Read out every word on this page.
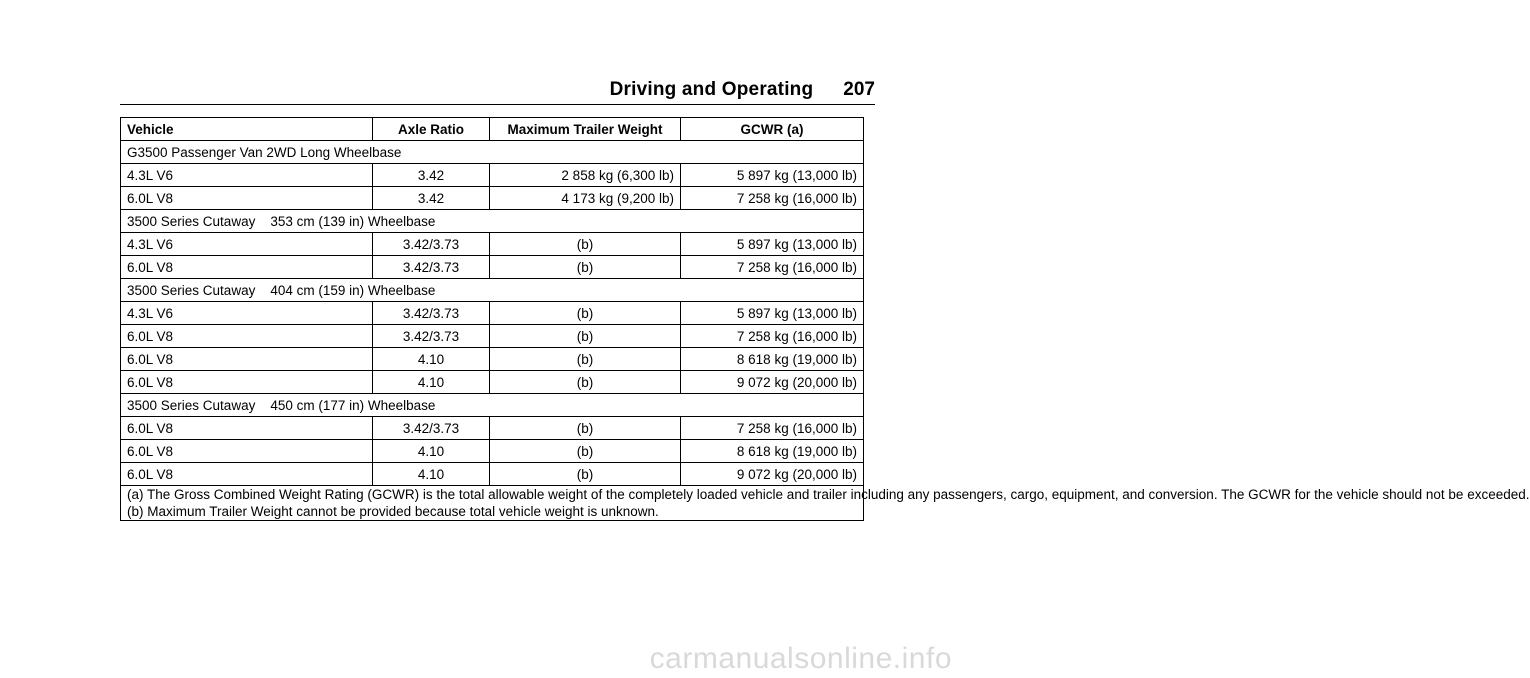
Driving and Operating 207
Vehicle	Axle Ratio	Maximum Trailer Weight	GCWR (a)
G3500 Passenger Van 2WD Long Wheelbase			
4.3L V6	3.42	2 858 kg (6,300 lb)	5 897 kg (13,000 lb)
6.0L V8	3.42	4 173 kg (9,200 lb)	7 258 kg (16,000 lb)
3500 Series Cutaway    353 cm (139 in) Wheelbase			
4.3L V6	3.42/3.73	(b)	5 897 kg (13,000 lb)
6.0L V8	3.42/3.73	(b)	7 258 kg (16,000 lb)
3500 Series Cutaway    404 cm (159 in) Wheelbase			
4.3L V6	3.42/3.73	(b)	5 897 kg (13,000 lb)
6.0L V8	3.42/3.73	(b)	7 258 kg (16,000 lb)
6.0L V8	4.10	(b)	8 618 kg (19,000 lb)
6.0L V8	4.10	(b)	9 072 kg (20,000 lb)
3500 Series Cutaway    450 cm (177 in) Wheelbase			
6.0L V8	3.42/3.73	(b)	7 258 kg (16,000 lb)
6.0L V8	4.10	(b)	8 618 kg (19,000 lb)
6.0L V8	4.10	(b)	9 072 kg (20,000 lb)

(a) The Gross Combined Weight Rating (GCWR) is the total allowable weight of the completely loaded vehicle and trailer including any passengers, cargo, equipment, and conversion. The GCWR for the vehicle should not be exceeded.
(b) Maximum Trailer Weight cannot be provided because total vehicle weight is unknown.			
carmanualsonline.info
